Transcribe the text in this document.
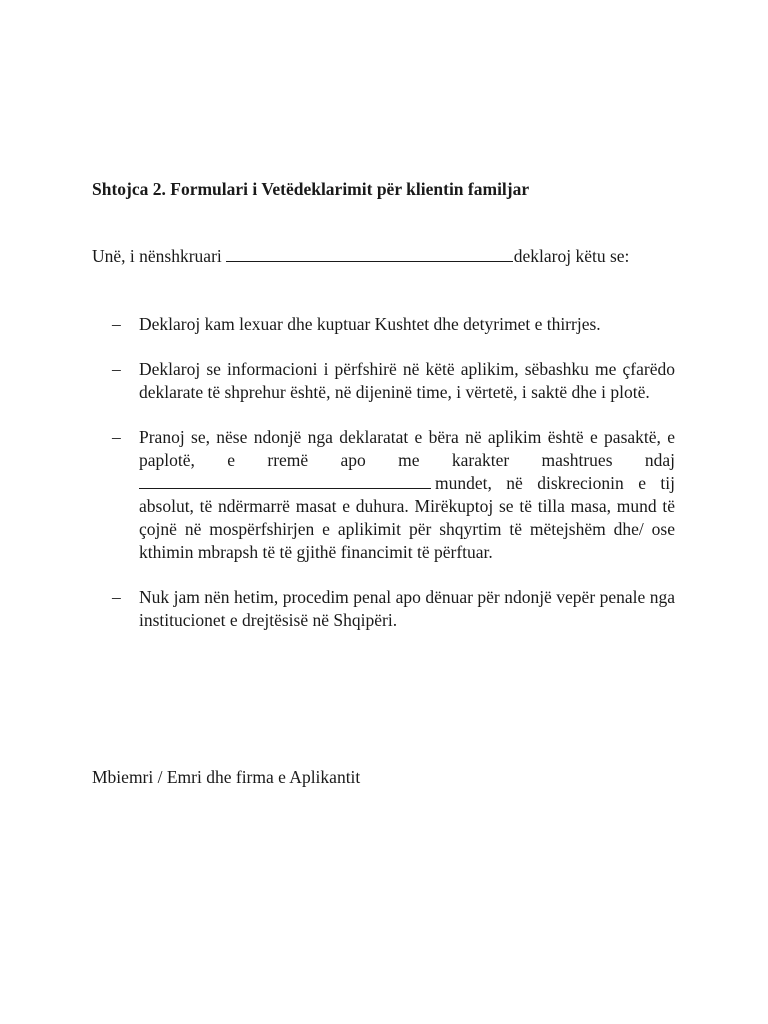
Shtojca 2. Formulari i Vetëdeklarimit për klientin familjar

Unë, i nënshkruari	deklaroj këtu se:

– Deklaroj kam lexuar dhe kuptuar Kushtet dhe detyrimet e thirrjes.
– Deklaroj se informacioni i përfshirë në këtë aplikim, sëbashku me çfarëdo deklarate të shprehur është, në dijeninë time, i vërtetë, i saktë dhe i plotë.
– Pranoj se, nëse ndonjë nga deklaratat e bëra në aplikim është e pasaktë, e paplotë, e rremë apo me karakter mashtrues ndaj mundet, në diskrecionin e tij absolut, të ndërmarrë masat e duhura. Mirëkuptoj se të tilla masa, mund të çojnë në mospërfshirjen e aplikimit për shqyrtim të mëtejshëm dhe/ ose kthimin mbrapsh të të gjithë financimit të përftuar.
– Nuk jam nën hetim, procedim penal apo dënuar për ndonjë vepër penale nga institucionet e drejtësisë në Shqipëri.

Mbiemri / Emri dhe firma e Aplikantit
